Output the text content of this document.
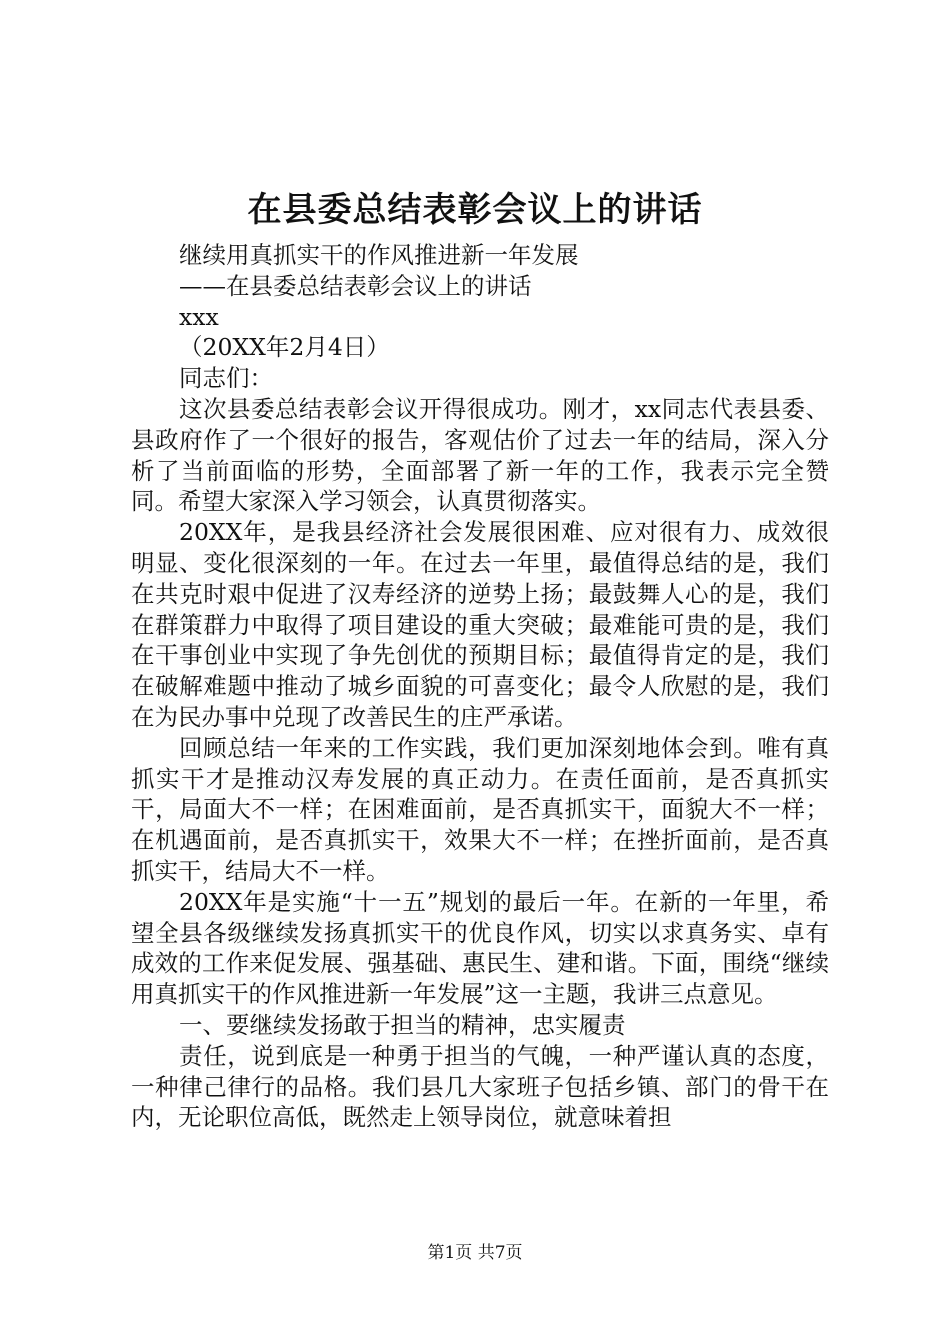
在县委总结表彰会议上的讲话

继续用真抓实干的作风推进新一年发展

——在县委总结表彰会议上的讲话

xxx

（20XX年2月4日）

同志们：

这次县委总结表彰会议开得很成功。刚才，xx同志代表县委、县政府作了一个很好的报告，客观估价了过去一年的结局，深入分析了当前面临的形势，全面部署了新一年的工作，我表示完全赞同。希望大家深入学习领会，认真贯彻落实。

20XX年，是我县经济社会发展很困难、应对很有力、成效很明显、变化很深刻的一年。在过去一年里，最值得总结的是，我们在共克时艰中促进了汉寿经济的逆势上扬；最鼓舞人心的是，我们在群策群力中取得了项目建设的重大突破；最难能可贵的是，我们在干事创业中实现了争先创优的预期目标；最值得肯定的是，我们在破解难题中推动了城乡面貌的可喜变化；最令人欣慰的是，我们在为民办事中兑现了改善民生的庄严承诺。

回顾总结一年来的工作实践，我们更加深刻地体会到。唯有真抓实干才是推动汉寿发展的真正动力。在责任面前，是否真抓实干，局面大不一样；在困难面前，是否真抓实干，面貌大不一样；在机遇面前，是否真抓实干，效果大不一样；在挫折面前，是否真抓实干，结局大不一样。

20XX年是实施“十一五”规划的最后一年。在新的一年里，希望全县各级继续发扬真抓实干的优良作风，切实以求真务实、卓有成效的工作来促发展、强基础、惠民生、建和谐。下面，围绕“继续用真抓实干的作风推进新一年发展”这一主题，我讲三点意见。

一、要继续发扬敢于担当的精神，忠实履责

责任，说到底是一种勇于担当的气魄，一种严谨认真的态度，一种律己律行的品格。我们县几大家班子包括乡镇、部门的骨干在内，无论职位高低，既然走上领导岗位，就意味着担

第1页 共7页
